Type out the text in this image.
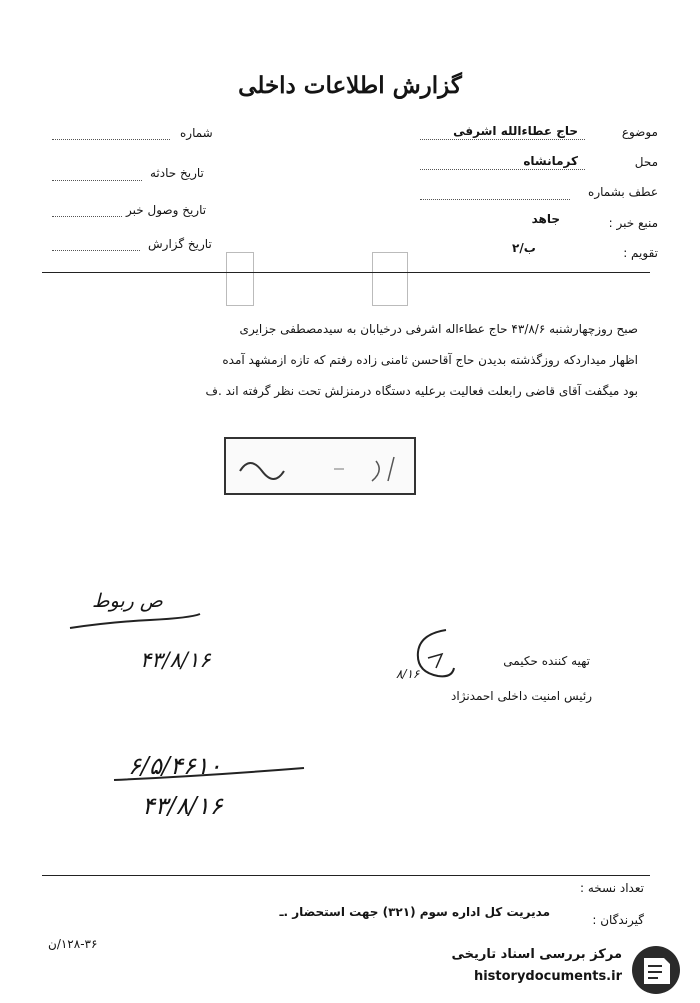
گزارش اطلاعات داخلی
موضوع
حاج عطاءالله اشرفی
محل
کرمانشاه
عطف بشماره
منبع خبر :
جاهد
تقویم :
ب/۲
شماره
تاریخ حادثه
تاریخ وصول خبر
تاریخ گزارش
صبح روزچهارشنبه ۴۳/۸/۶ حاج عطاءاله اشرفی درخیابان به سیدمصطفی جزایری
اظهار میداردکه روزگذشته بدیدن حاج آقاحسن ثامنی زاده رفتم که تازه ازمشهد آمده
بود میگفت آقای قاضی رابعلت فعالیت برعلیه دستگاه درمنزلش تحت نظر گرفته اند .ف
ص ربوط
۴۳/۸/۱۶	تهیه کننده حکیمی
۸/۱۶
رئیس امنیت داخلی احمدنژاد
۶/۵/۴۶۱۰
۴۳/۸/۱۶
تعداد نسخه :
گیرندگان :
مدیریت کل اداره سوم (۳۲۱) جهت استحضار .ـ
۱۲۸-۳۶/ن
مرکز بررسی اسناد تاریخی
historydocuments.ir
